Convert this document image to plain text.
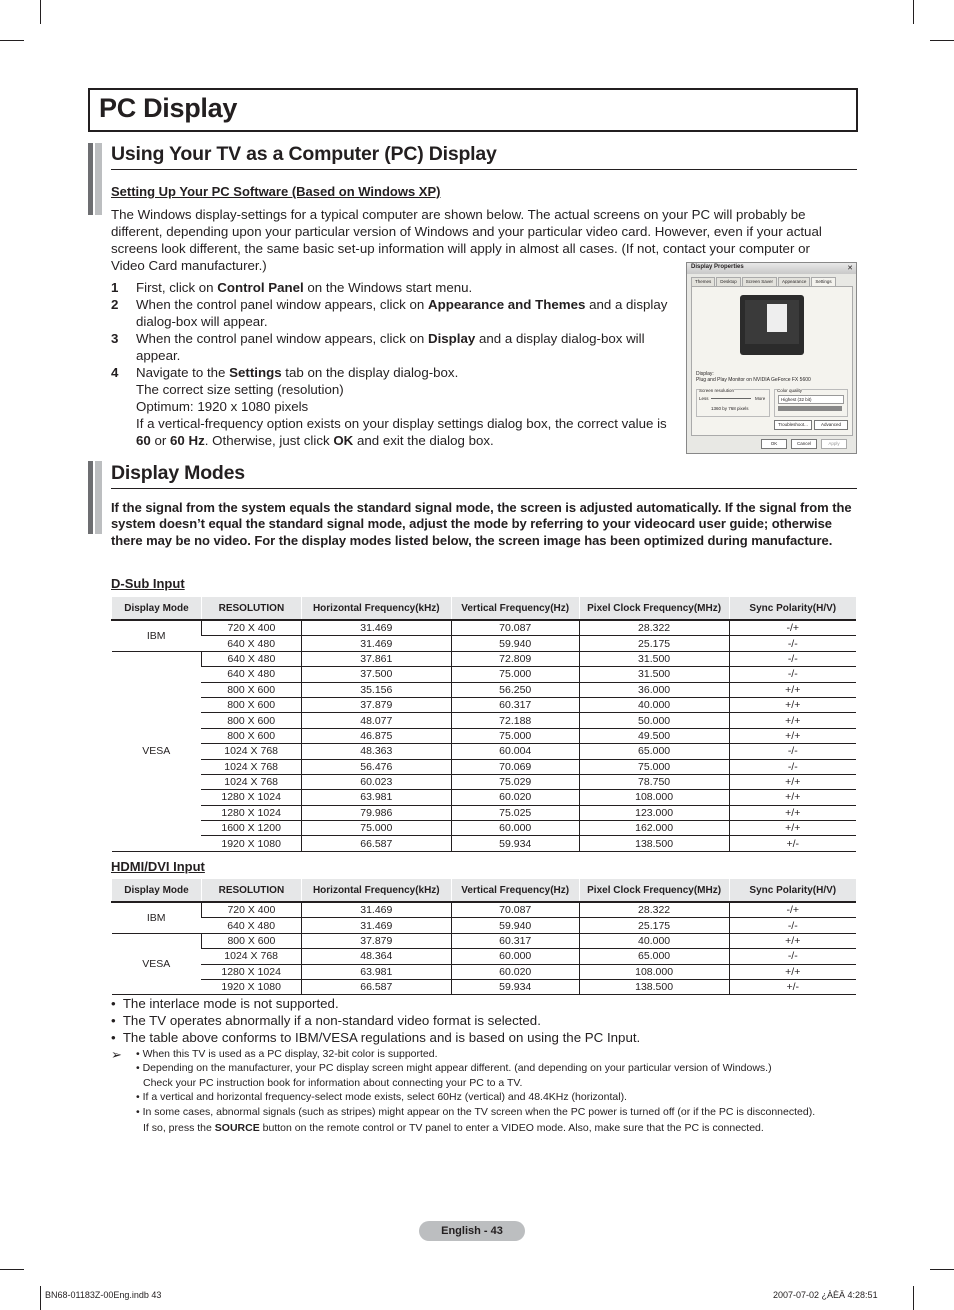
PC Display
Using Your TV as a Computer (PC) Display
Setting Up Your PC Software (Based on Windows XP)
The Windows display-settings for a typical computer are shown below. The actual screens on your PC will probably be different, depending upon your particular version of Windows and your particular video card. However, even if your actual screens look different, the same basic set-up information will apply in almost all cases. (If not, contact your computer or Video Card manufacturer.)
1 First, click on Control Panel on the Windows start menu.
2 When the control panel window appears, click on Appearance and Themes and a display dialog-box will appear.
3 When the control panel window appears, click on Display and a display dialog-box will appear.
4 Navigate to the Settings tab on the display dialog-box.
The correct size setting (resolution)
Optimum: 1920 x 1080 pixels
If a vertical-frequency option exists on your display settings dialog box, the correct value is 60 or 60 Hz. Otherwise, just click OK and exit the dialog box.
Display Properties	✕
Themes	Desktop	Screen Saver	Appearance	Settings
Display:
Plug and Play Monitor on NVIDIA GeForce FX 5600
Screen resolution
Less	More
1360 by 768 pixels
Color quality
Highest (32 bit)
Troubleshoot...	Advanced
OK	Cancel	Apply
Display Modes
If the signal from the system equals the standard signal mode, the screen is adjusted automatically. If the signal from the system doesn’t equal the standard signal mode, adjust the mode by referring to your videocard user guide; otherwise there may be no video. For the display modes listed below, the screen image has been optimized during manufacture.
D-Sub Input
Display Mode	RESOLUTION	Horizontal Frequency(kHz)	Vertical Frequency(Hz)	Pixel Clock Frequency(MHz)	Sync Polarity(H/V)
IBM	720 X 400	31.469	70.087	28.322	-/+
	640 X 480	31.469	59.940	25.175	-/-
VESA	640 X 480	37.861	72.809	31.500	-/-
	640 X 480	37.500	75.000	31.500	-/-
	800 X 600	35.156	56.250	36.000	+/+
	800 X 600	37.879	60.317	40.000	+/+
	800 X 600	48.077	72.188	50.000	+/+
	800 X 600	46.875	75.000	49.500	+/+
	1024 X 768	48.363	60.004	65.000	-/-
	1024 X 768	56.476	70.069	75.000	-/-
	1024 X 768	60.023	75.029	78.750	+/+
	1280 X 1024	63.981	60.020	108.000	+/+
	1280 X 1024	79.986	75.025	123.000	+/+
	1600 X 1200	75.000	60.000	162.000	+/+
	1920 X 1080	66.587	59.934	138.500	+/-
HDMI/DVI Input
Display Mode	RESOLUTION	Horizontal Frequency(kHz)	Vertical Frequency(Hz)	Pixel Clock Frequency(MHz)	Sync Polarity(H/V)
IBM	720 X 400	31.469	70.087	28.322	-/+
	640 X 480	31.469	59.940	25.175	-/-
VESA	800 X 600	37.879	60.317	40.000	+/+
	1024 X 768	48.364	60.000	65.000	-/-
	1280 X 1024	63.981	60.020	108.000	+/+
	1920 X 1080	66.587	59.934	138.500	+/-
•  The interlace mode is not supported.
•  The TV operates abnormally if a non-standard video format is selected.
•  The table above conforms to IBM/VESA regulations and is based on using the PC Input.
➢ • When this TV is used as a PC display, 32-bit color is supported.
• Depending on the manufacturer, your PC display screen might appear different. (and depending on your particular version of Windows.)
Check your PC instruction book for information about connecting your PC to a TV.
• If a vertical and horizontal frequency-select mode exists, select 60Hz (vertical) and 48.4KHz (horizontal).
• In some cases, abnormal signals (such as stripes) might appear on the TV screen when the PC power is turned off (or if the PC is disconnected).
If so, press the SOURCE button on the remote control or TV panel to enter a VIDEO mode. Also, make sure that the PC is connected.
English - 43
BN68-01183Z-00Eng.indb 43	2007-07-02 ¿ÀÈÄ 4:28:51
